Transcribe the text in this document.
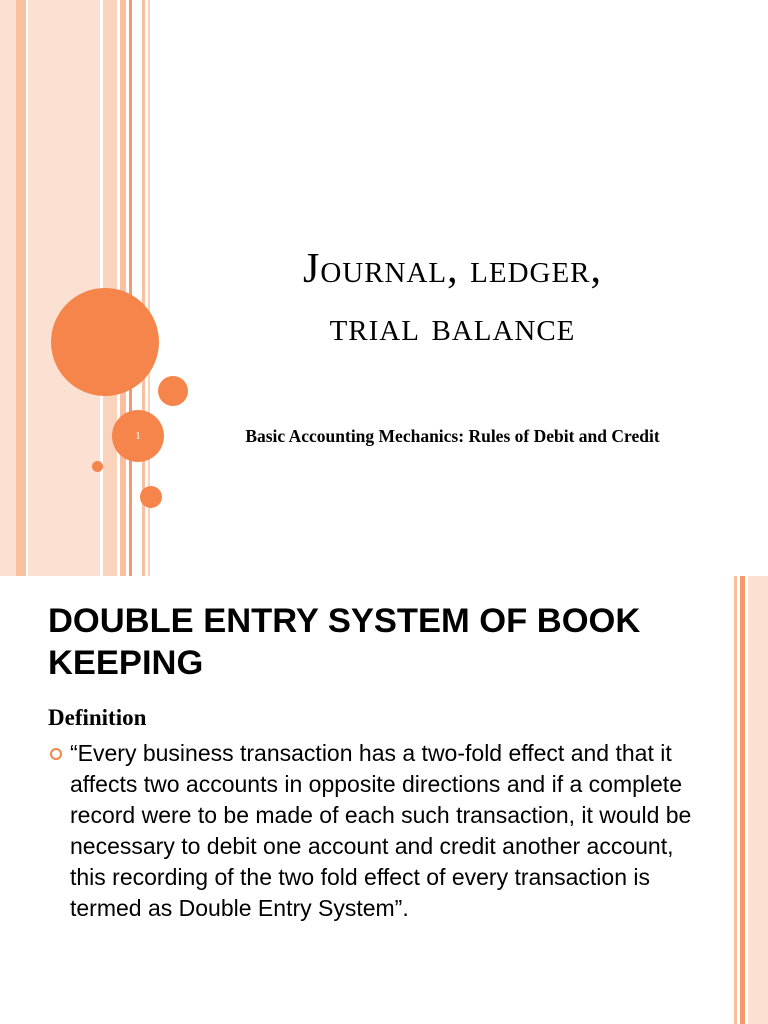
1
Journal, ledger,
trial balance
Basic Accounting Mechanics: Rules of Debit and Credit
DOUBLE ENTRY SYSTEM OF BOOK KEEPING
Definition
“Every business transaction has a two-fold effect and that it affects two accounts in opposite directions and if a complete record were to be made of each such transaction, it would be necessary to debit one account and credit another account, this recording of the two fold effect of every transaction is termed as Double Entry System”.
